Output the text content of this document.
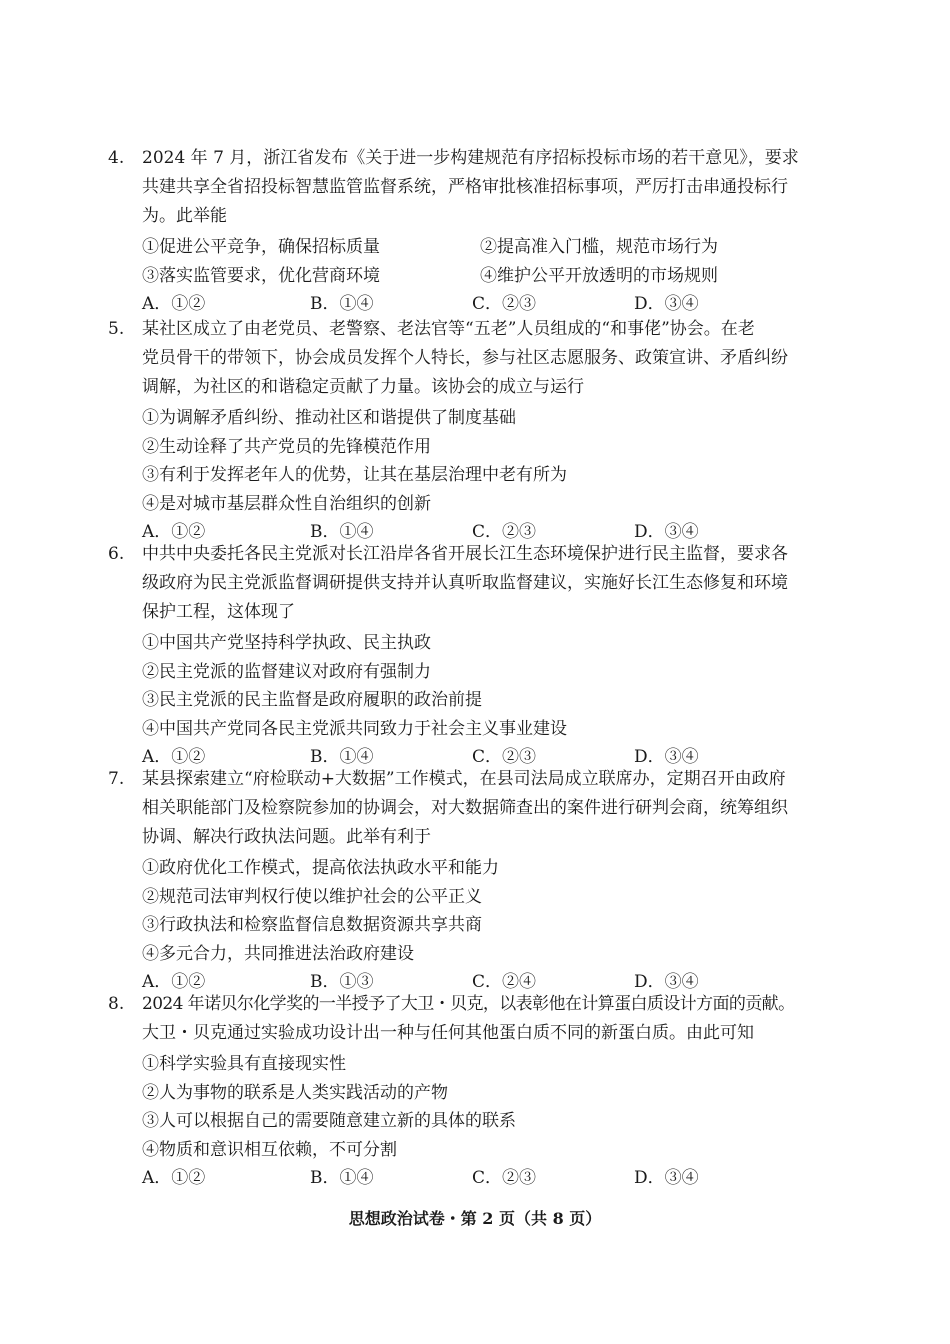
4. 2024 年 7 月，浙江省发布《关于进一步构建规范有序招标投标市场的若干意见》，要求
共建共享全省招投标智慧监管监督系统，严格审批核准招标事项，严厉打击串通投标行
为。此举能
①促进公平竞争，确保招标质量	②提高准入门槛，规范市场行为
③落实监管要求，优化营商环境	④维护公平开放透明的市场规则
A．①②	B．①④	C．②③	D．③④
5. 某社区成立了由老党员、老警察、老法官等“五老”人员组成的“和事佬”协会。在老
党员骨干的带领下，协会成员发挥个人特长，参与社区志愿服务、政策宣讲、矛盾纠纷
调解，为社区的和谐稳定贡献了力量。该协会的成立与运行
①为调解矛盾纠纷、推动社区和谐提供了制度基础
②生动诠释了共产党员的先锋模范作用
③有利于发挥老年人的优势，让其在基层治理中老有所为
④是对城市基层群众性自治组织的创新
A．①②	B．①④	C．②③	D．③④
6. 中共中央委托各民主党派对长江沿岸各省开展长江生态环境保护进行民主监督，要求各
级政府为民主党派监督调研提供支持并认真听取监督建议，实施好长江生态修复和环境
保护工程，这体现了
①中国共产党坚持科学执政、民主执政
②民主党派的监督建议对政府有强制力
③民主党派的民主监督是政府履职的政治前提
④中国共产党同各民主党派共同致力于社会主义事业建设
A．①②	B．①④	C．②③	D．③④
7. 某县探索建立“府检联动+大数据”工作模式，在县司法局成立联席办，定期召开由政府
相关职能部门及检察院参加的协调会，对大数据筛查出的案件进行研判会商，统筹组织
协调、解决行政执法问题。此举有利于
①政府优化工作模式，提高依法执政水平和能力
②规范司法审判权行使以维护社会的公平正义
③行政执法和检察监督信息数据资源共享共商
④多元合力，共同推进法治政府建设
A．①②	B．①③	C．②④	D．③④
8. 2024 年诺贝尔化学奖的一半授予了大卫・贝克，以表彰他在计算蛋白质设计方面的贡献。
大卫・贝克通过实验成功设计出一种与任何其他蛋白质不同的新蛋白质。由此可知
①科学实验具有直接现实性
②人为事物的联系是人类实践活动的产物
③人可以根据自己的需要随意建立新的具体的联系
④物质和意识相互依赖，不可分割
A．①②	B．①④	C．②③	D．③④
思想政治试卷・第 2 页（共 8 页）
